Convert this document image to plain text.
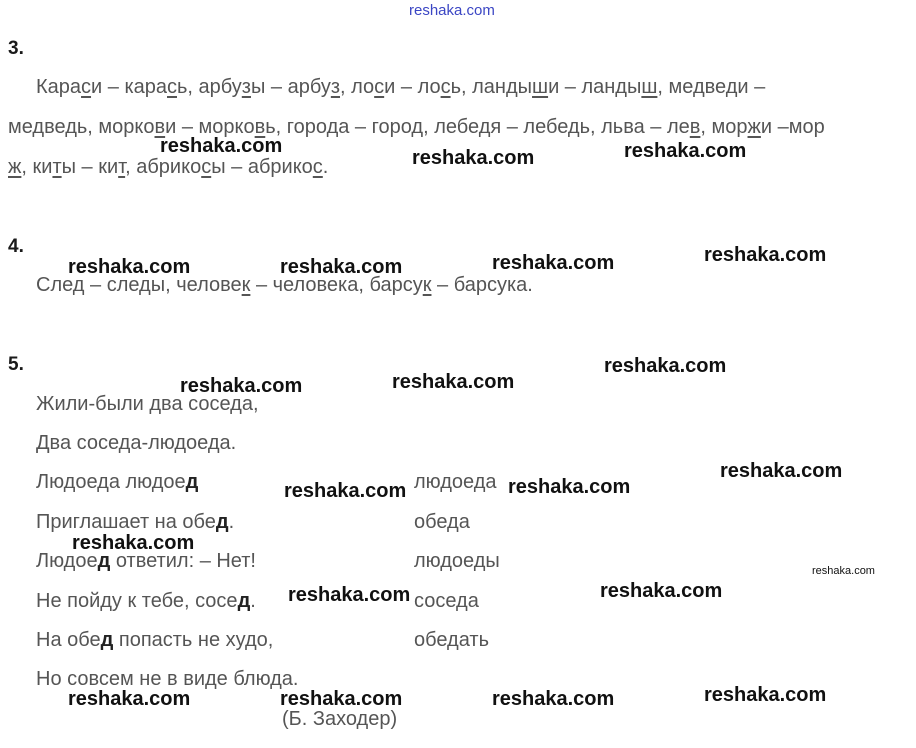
reshaka.com
3.
Караси – карась, арбузы – арбуз, лоси – лось, ландыши – ландыш, медведи –
медведь, моркови – морковь, города – город, лебедя – лебедь, льва – лев, моржи –мор
ж, киты – кит, абрикосы – абрикос.
4.
След – следы, человек – человека, барсук – барсука.
5.
Жили-были два соседа,
Два соседа-людоеда.
Людоеда людоед
Приглашает на обед.
Людоед ответил: – Нет!
Не пойду к тебе, сосед.
На обед попасть не худо,
Но совсем не в виде блюда.
людоеда
обеда
людоеды
соседа
обедать
(Б. Заходер)
reshaka.com
reshaka.com	reshaka.com
reshaka.com	reshaka.com	reshaka.com	reshaka.com
reshaka.com	reshaka.com
reshaka.com
reshaka.com
reshaka.com	reshaka.com
reshaka.com
reshaka.com
reshaka.com	reshaka.com
reshaka.com	reshaka.com	reshaka.com	reshaka.com
